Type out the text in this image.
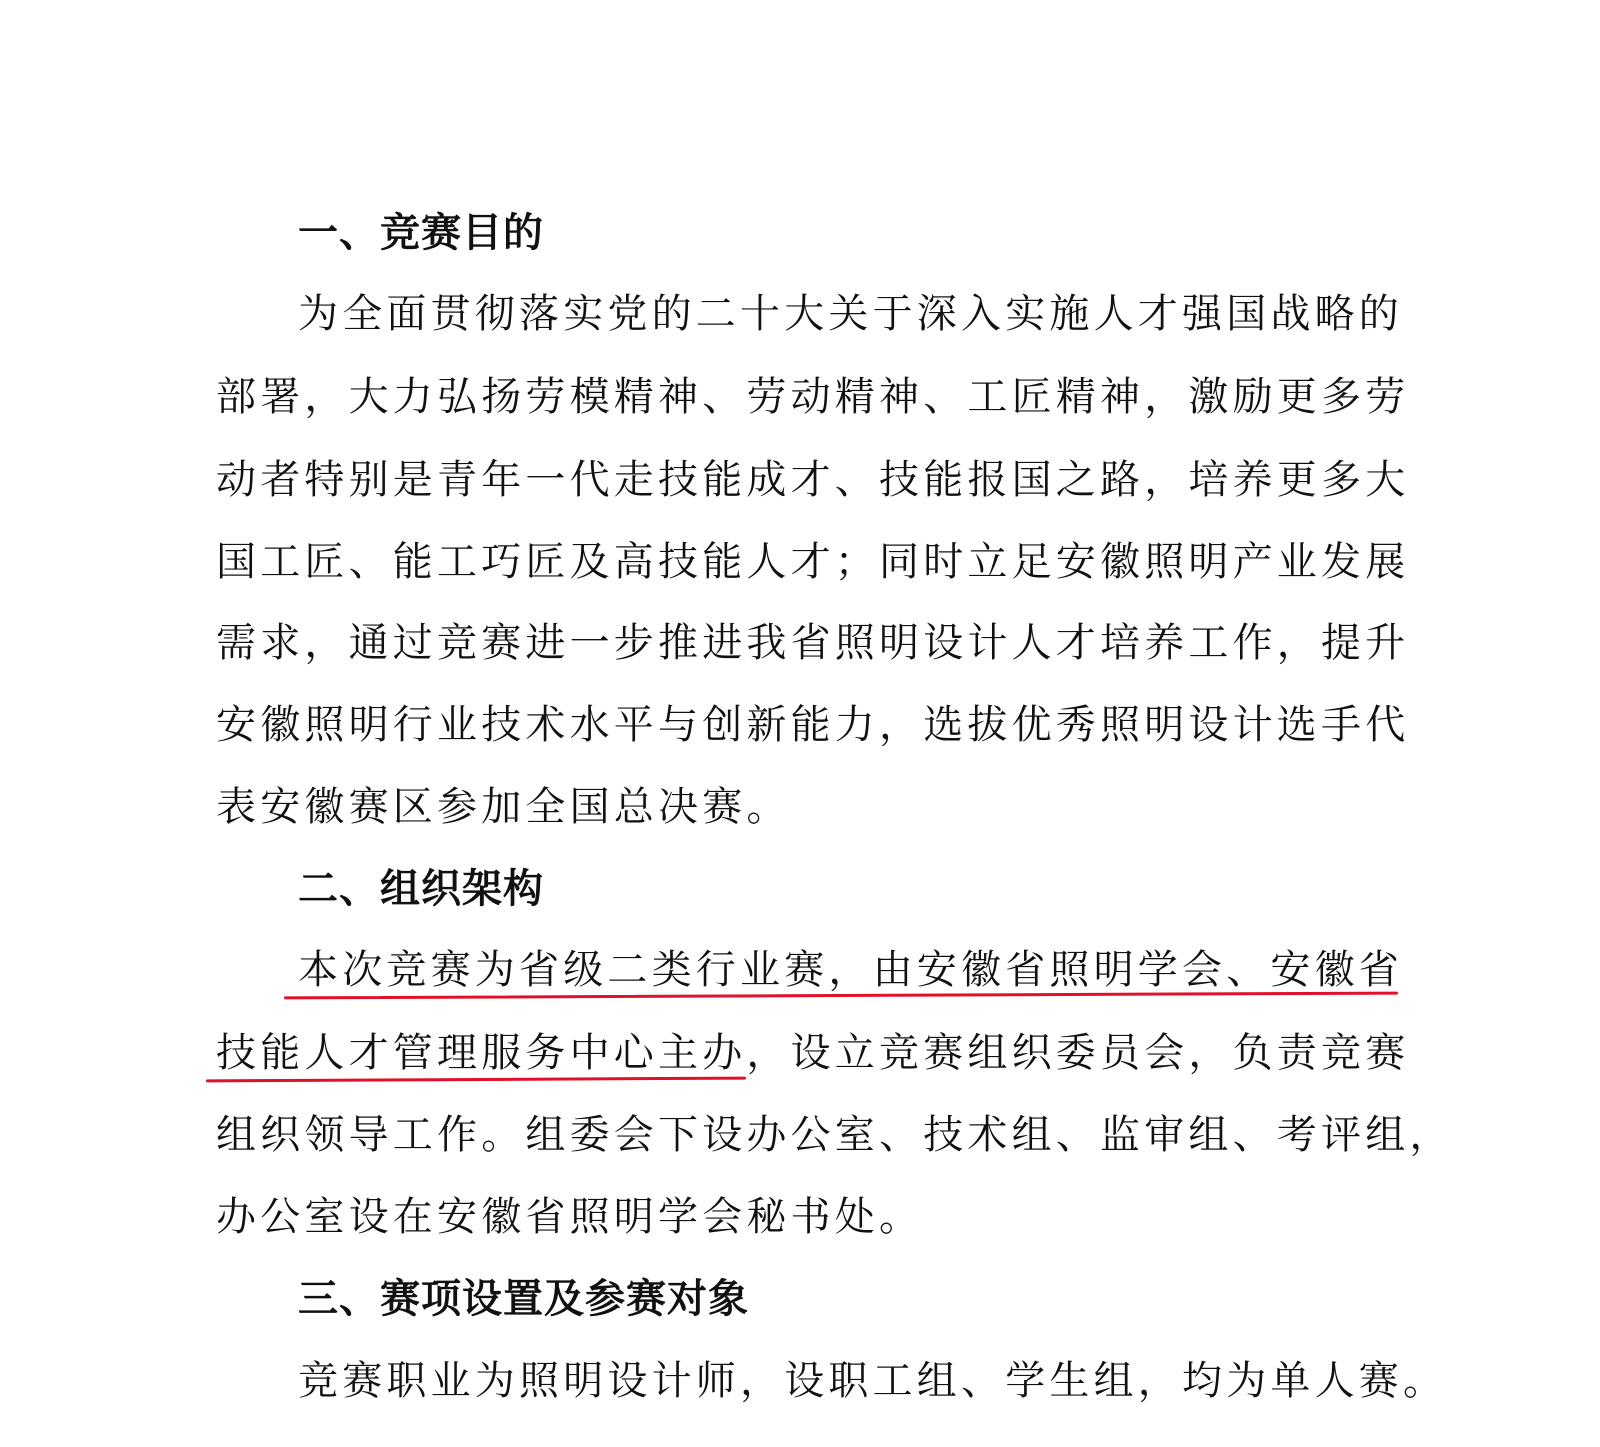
一、竞赛目的
为全面贯彻落实党的二十大关于深入实施人才强国战略的
部署，大力弘扬劳模精神、劳动精神、工匠精神，激励更多劳
动者特别是青年一代走技能成才、技能报国之路，培养更多大
国工匠、能工巧匠及高技能人才；同时立足安徽照明产业发展
需求，通过竞赛进一步推进我省照明设计人才培养工作，提升
安徽照明行业技术水平与创新能力，选拔优秀照明设计选手代
表安徽赛区参加全国总决赛。
二、组织架构
本次竞赛为省级二类行业赛，由安徽省照明学会、安徽省
技能人才管理服务中心主办，设立竞赛组织委员会，负责竞赛
组织领导工作。组委会下设办公室、技术组、监审组、考评组，
办公室设在安徽省照明学会秘书处。
三、赛项设置及参赛对象
竞赛职业为照明设计师，设职工组、学生组，均为单人赛。
